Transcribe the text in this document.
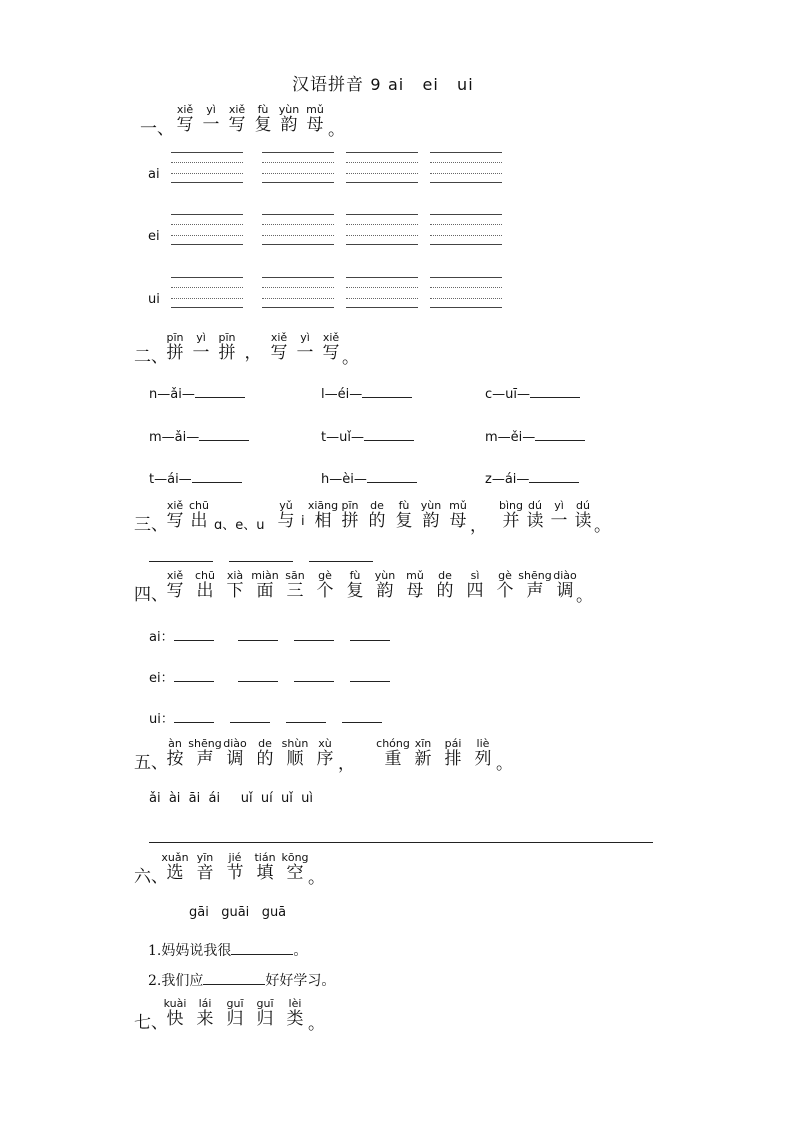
汉语拼音 9 ai   ei   ui
一、
xiě
写
yì
一
xiě
写
fù
复
yùn
韵
mǔ
母 。
ai
ei
ui
二、
pīn
拼
yì
一
pīn
拼 ，
xiě
写
yì
一
xiě
写 。
n—ǎi—	l—éi—	c—uī—
m—ǎi—	t—uǐ—	m—ěi—
t—ái—	h—èi—	z—ái—
三、
xiě
写
chū
出 ɑ、e、u
yǔ
与 i
xiāng
相
pīn
拼
de
的
fù
复
yùn
韵
mǔ
母 ，
bìng
并
dú
读
yì
一
dú
读 。
四、
xiě
写
chū
出
xià
下
miàn
面
sān
三
gè
个
fù
复
yùn
韵
mǔ
母
de
的
sì
四
gè
个
shēng
声
diào
调 。
ai：
ei：
ui：
五、
àn
按
shēng
声
diào
调
de
的
shùn
顺
xù
序 ，
chóng
重
xīn
新
pái
排
liè
列 。
ǎi  ài  āi  ái     uǐ  uí  uǐ  uì
六、
xuǎn
选
yīn
音
jié
节
tián
填
kōng
空 。
gāi   guāi   guā
1.妈妈说我很	。
2.我们应	好好学习。
七、
kuài
快
lái
来
guī
归
guī
归
lèi
类 。
